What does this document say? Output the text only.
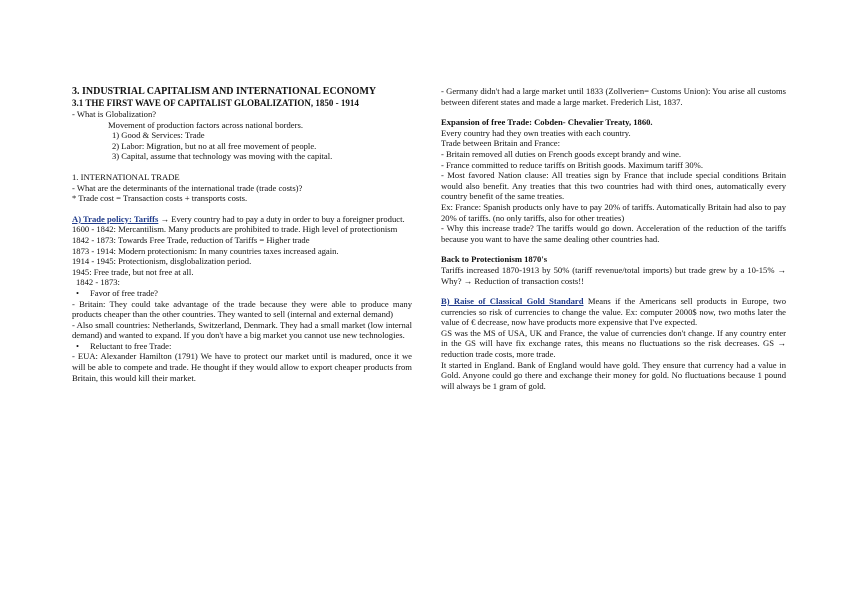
3. INDUSTRIAL CAPITALISM AND INTERNATIONAL ECONOMY

3.1 THE FIRST WAVE OF CAPITALIST GLOBALIZATION, 1850 - 1914

- What is Globalization?

Movement of production factors across national borders.

1) Good & Services: Trade

2) Labor: Migration, but no at all free movement of people.

3) Capital, assume that technology was moving with the capital.

1. INTERNATIONAL TRADE

- What are the determinants of the international trade (trade costs)?

* Trade cost = Transaction costs + transports costs.

A) Trade policy: Tariffs → Every country had to pay a duty in order to buy a foreigner product.

1600 - 1842: Mercantilism. Many products are prohibited to trade. High level of protectionism

1842 - 1873: Towards Free Trade, reduction of Tariffs = Higher trade

1873 - 1914: Modern protectionism: In many countries taxes increased again.

1914 - 1945: Protectionism, disglobalization period.

1945: Free trade, but not free at all.

1842 - 1873:

• Favor of free trade?

- Britain: They could take advantage of the trade because they were able to produce many products cheaper than the other countries. They wanted to sell (internal and external demand)

- Also small countries: Netherlands, Switzerland, Denmark. They had a small market (low internal demand) and wanted to expand. If you don't have a big market you cannot use new technologies.

• Reluctant to free Trade:

- EUA: Alexander Hamilton (1791) We have to protect our market until is madured, once it we will be able to compete and trade. He thought if they would allow to export cheaper products from Britain, this would kill their market.

- Germany didn't had a large market until 1833 (Zollverien= Customs Union): You arise all customs between diferent states and made a large market. Frederich List, 1837.

Expansion of free Trade: Cobden- Chevalier Treaty, 1860.

Every country had they own treaties with each country.

Trade between Britain and France:

- Britain removed all duties on French goods except brandy and wine.

- France committed to reduce tariffs on British goods. Maximum tariff 30%.

- Most favored Nation clause: All treaties sign by France that include special conditions Britain would also benefit. Any treaties that this two countries had with third ones, automatically every country benefit of the same treaties.

Ex: France: Spanish products only have to pay 20% of tariffs. Automatically Britain had also to pay 20% of tariffs. (no only tariffs, also for other treaties)

- Why this increase trade? The tariffs would go down. Acceleration of the reduction of the tariffs because you want to have the same dealing other countries had.

Back to Protectionism 1870's

Tariffs increased 1870-1913 by 50% (tariff revenue/total imports) but trade grew by a 10-15% → Why? → Reduction of transaction costs!!

B) Raise of Classical Gold Standard Means if the Americans sell products in Europe, two currencies so risk of currencies to change the value. Ex: computer 2000$ now, two moths later the value of € decrease, now have products more expensive that I've expected.

GS was the MS of USA, UK and France, the value of currencies don't change. If any country enter in the GS will have fix exchange rates, this means no fluctuations so the risk decreases. GS → reduction trade costs, more trade.

It started in England. Bank of England would have gold. They ensure that currency had a value in Gold. Anyone could go there and exchange their money for gold. No fluctuations because 1 pound will always be 1 gram of gold.
